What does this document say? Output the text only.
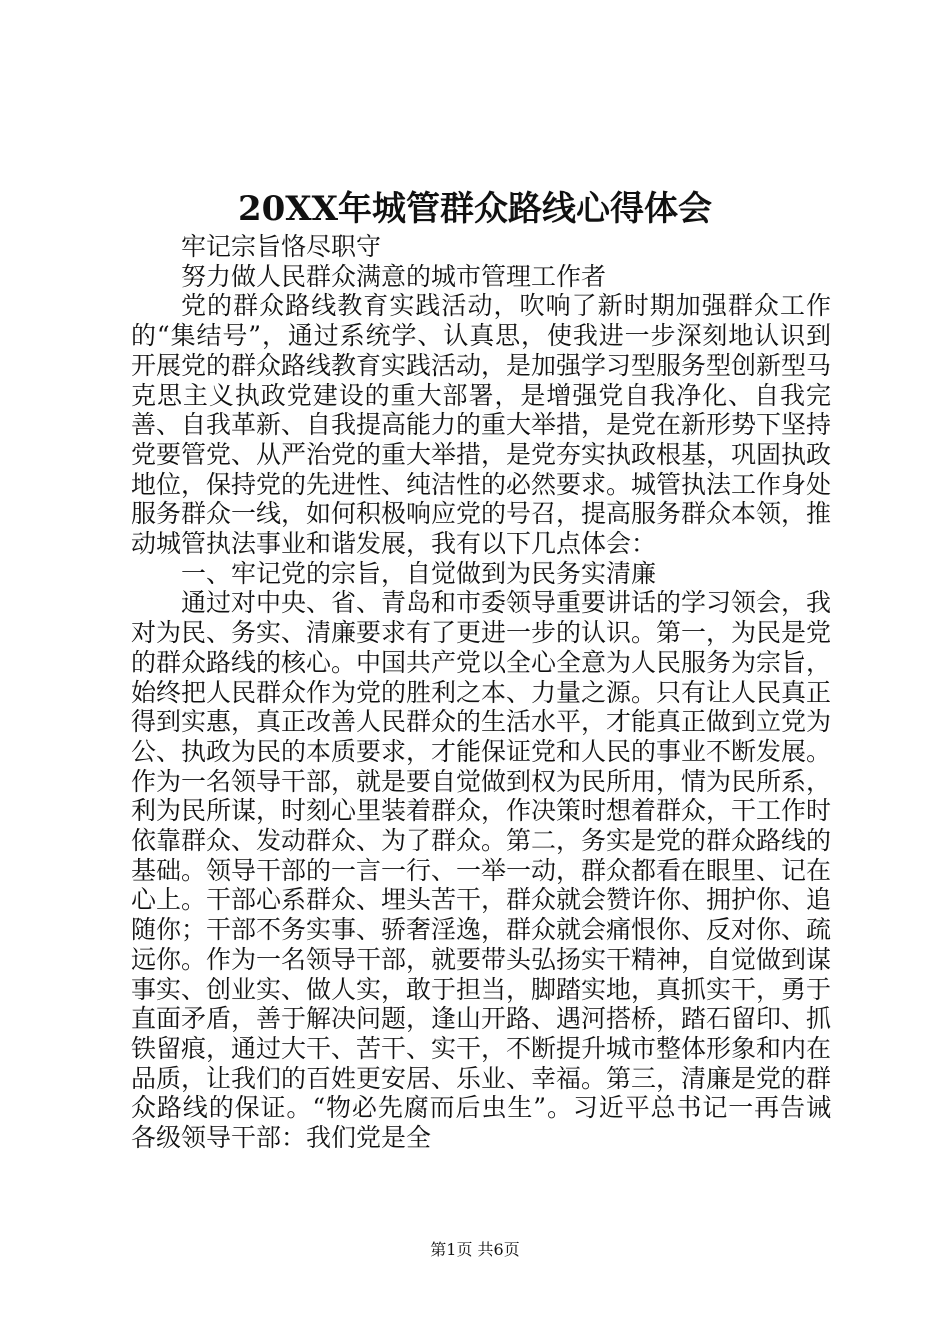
20XX年城管群众路线心得体会

牢记宗旨恪尽职守

努力做人民群众满意的城市管理工作者

党的群众路线教育实践活动，吹响了新时期加强群众工作的“集结号”，通过系统学、认真思，使我进一步深刻地认识到开展党的群众路线教育实践活动，是加强学习型服务型创新型马克思主义执政党建设的重大部署，是增强党自我净化、自我完善、自我革新、自我提高能力的重大举措，是党在新形势下坚持党要管党、从严治党的重大举措，是党夯实执政根基，巩固执政地位，保持党的先进性、纯洁性的必然要求。城管执法工作身处服务群众一线，如何积极响应党的号召，提高服务群众本领，推动城管执法事业和谐发展，我有以下几点体会：

一、牢记党的宗旨，自觉做到为民务实清廉

通过对中央、省、青岛和市委领导重要讲话的学习领会，我对为民、务实、清廉要求有了更进一步的认识。第一，为民是党的群众路线的核心。中国共产党以全心全意为人民服务为宗旨，始终把人民群众作为党的胜利之本、力量之源。只有让人民真正得到实惠，真正改善人民群众的生活水平，才能真正做到立党为公、执政为民的本质要求，才能保证党和人民的事业不断发展。作为一名领导干部，就是要自觉做到权为民所用，情为民所系，利为民所谋，时刻心里装着群众，作决策时想着群众，干工作时依靠群众、发动群众、为了群众。第二，务实是党的群众路线的基础。领导干部的一言一行、一举一动，群众都看在眼里、记在心上。干部心系群众、埋头苦干，群众就会赞许你、拥护你、追随你；干部不务实事、骄奢淫逸，群众就会痛恨你、反对你、疏远你。作为一名领导干部，就要带头弘扬实干精神，自觉做到谋事实、创业实、做人实，敢于担当，脚踏实地，真抓实干，勇于直面矛盾，善于解决问题，逢山开路、遇河搭桥，踏石留印、抓铁留痕，通过大干、苦干、实干，不断提升城市整体形象和内在品质，让我们的百姓更安居、乐业、幸福。第三，清廉是党的群众路线的保证。“物必先腐而后虫生”。习近平总书记一再告诫各级领导干部：我们党是全

第1页 共6页
